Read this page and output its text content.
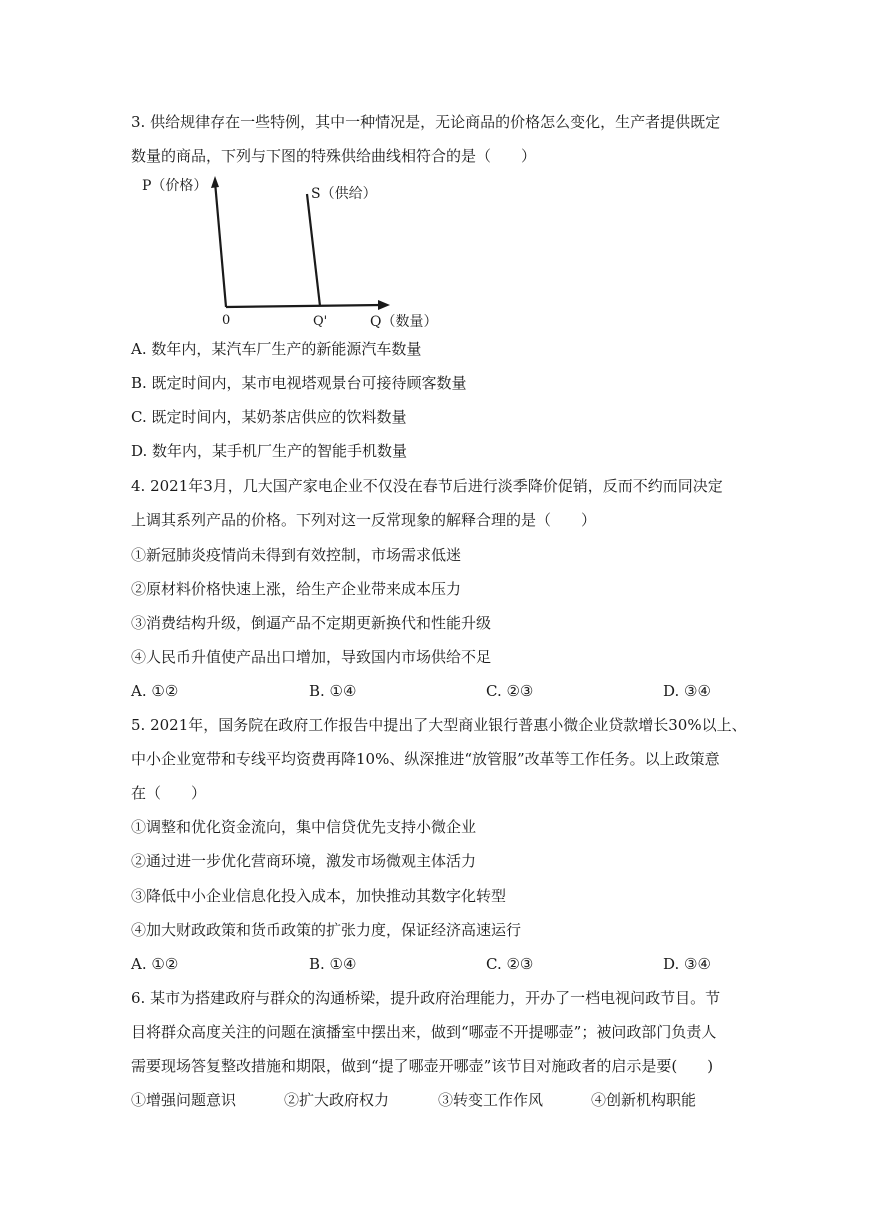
3. 供给规律存在一些特例，其中一种情况是，无论商品的价格怎么变化，生产者提供既定
数量的商品，下列与下图的特殊供给曲线相符合的是（　　）
P（价格）	S（供给）
0	Q'	Q（数量）
A. 数年内，某汽车厂生产的新能源汽车数量
B. 既定时间内，某市电视塔观景台可接待顾客数量
C. 既定时间内，某奶茶店供应的饮料数量
D. 数年内，某手机厂生产的智能手机数量
4. 2021年3月，几大国产家电企业不仅没在春节后进行淡季降价促销，反而不约而同决定
上调其系列产品的价格。下列对这一反常现象的解释合理的是（　　）
①新冠肺炎疫情尚未得到有效控制，市场需求低迷
②原材料价格快速上涨，给生产企业带来成本压力
③消费结构升级，倒逼产品不定期更新换代和性能升级
④人民币升值使产品出口增加，导致国内市场供给不足
A. ①②	B. ①④	C. ②③	D. ③④
5. 2021年，国务院在政府工作报告中提出了大型商业银行普惠小微企业贷款增长30%以上、
中小企业宽带和专线平均资费再降10%、纵深推进“放管服”改革等工作任务。以上政策意
在（　　）
①调整和优化资金流向，集中信贷优先支持小微企业
②通过进一步优化营商环境，激发市场微观主体活力
③降低中小企业信息化投入成本，加快推动其数字化转型
④加大财政政策和货币政策的扩张力度，保证经济高速运行
A. ①②	B. ①④	C. ②③	D. ③④
6. 某市为搭建政府与群众的沟通桥梁，提升政府治理能力，开办了一档电视问政节目。节
目将群众高度关注的问题在演播室中摆出来，做到“哪壶不开提哪壶”；被问政部门负责人
需要现场答复整改措施和期限，做到“提了哪壶开哪壶”该节目对施政者的启示是要(　　)
①增强问题意识	②扩大政府权力	③转变工作作风	④创新机构职能
